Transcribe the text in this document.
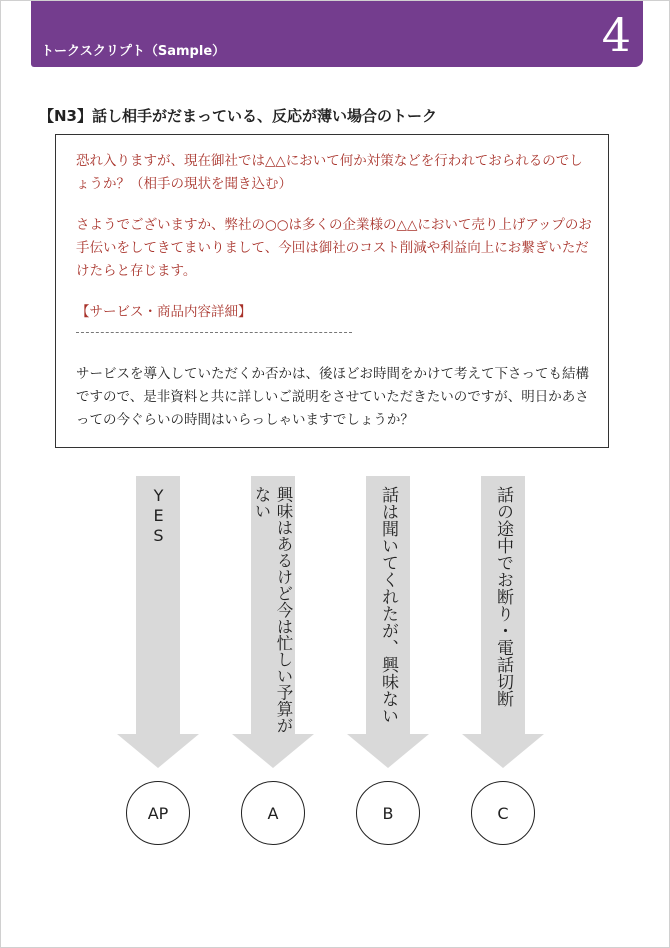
トークスクリプト（Sample）	4
【N3】話し相手がだまっている、反応が薄い場合のトーク

恐れ入りますが、現在御社では△△において何か対策などを行われておられるのでしょうか？（相手の現状を聞き込む）

さようでございますか、弊社の○○は多くの企業様の△△において売り上げアップのお手伝いをしてきてまいりまして、今回は御社のコスト削減や利益向上にお繋ぎいただけたらと存じます。

【サービス・商品内容詳細】

サービスを導入していただくか否かは、後ほどお時間をかけて考えて下さっても結構ですので、是非資料と共に詳しいご説明をさせていただきたいのですが、明日かあさっての今ぐらいの時間はいらっしゃいますでしょうか？

YES	興味はあるけど今は忙しい予算がない	話は聞いてくれたが、興味ない	話の途中でお断り・電話切断
AP	A	B	C
